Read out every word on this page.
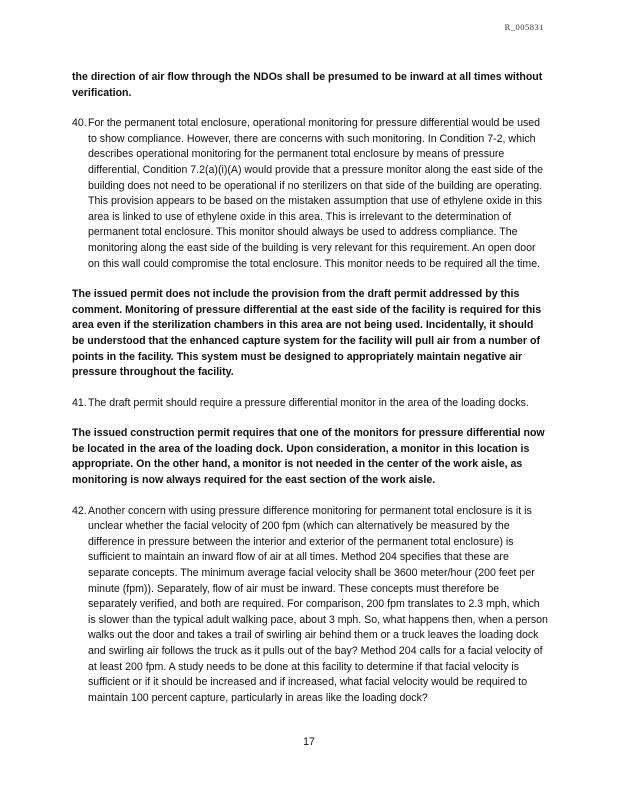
R_005831

the direction of air flow through the NDOs shall be presumed to be inward at all times without verification.

40. For the permanent total enclosure, operational monitoring for pressure differential would be used to show compliance. However, there are concerns with such monitoring. In Condition 7-2, which describes operational monitoring for the permanent total enclosure by means of pressure differential, Condition 7.2(a)(i)(A) would provide that a pressure monitor along the east side of the building does not need to be operational if no sterilizers on that side of the building are operating. This provision appears to be based on the mistaken assumption that use of ethylene oxide in this area is linked to use of ethylene oxide in this area. This is irrelevant to the determination of permanent total enclosure. This monitor should always be used to address compliance. The monitoring along the east side of the building is very relevant for this requirement. An open door on this wall could compromise the total enclosure. This monitor needs to be required all the time.

The issued permit does not include the provision from the draft permit addressed by this comment. Monitoring of pressure differential at the east side of the facility is required for this area even if the sterilization chambers in this area are not being used. Incidentally, it should be understood that the enhanced capture system for the facility will pull air from a number of points in the facility. This system must be designed to appropriately maintain negative air pressure throughout the facility.

41. The draft permit should require a pressure differential monitor in the area of the loading docks.

The issued construction permit requires that one of the monitors for pressure differential now be located in the area of the loading dock. Upon consideration, a monitor in this location is appropriate. On the other hand, a monitor is not needed in the center of the work aisle, as monitoring is now always required for the east section of the work aisle.

42. Another concern with using pressure difference monitoring for permanent total enclosure is it is unclear whether the facial velocity of 200 fpm (which can alternatively be measured by the difference in pressure between the interior and exterior of the permanent total enclosure) is sufficient to maintain an inward flow of air at all times. Method 204 specifies that these are separate concepts. The minimum average facial velocity shall be 3600 meter/hour (200 feet per minute (fpm)). Separately, flow of air must be inward. These concepts must therefore be separately verified, and both are required. For comparison, 200 fpm translates to 2.3 mph, which is slower than the typical adult walking pace, about 3 mph. So, what happens then, when a person walks out the door and takes a trail of swirling air behind them or a truck leaves the loading dock and swirling air follows the truck as it pulls out of the bay? Method 204 calls for a facial velocity of at least 200 fpm. A study needs to be done at this facility to determine if that facial velocity is sufficient or if it should be increased and if increased, what facial velocity would be required to maintain 100 percent capture, particularly in areas like the loading dock?
17
